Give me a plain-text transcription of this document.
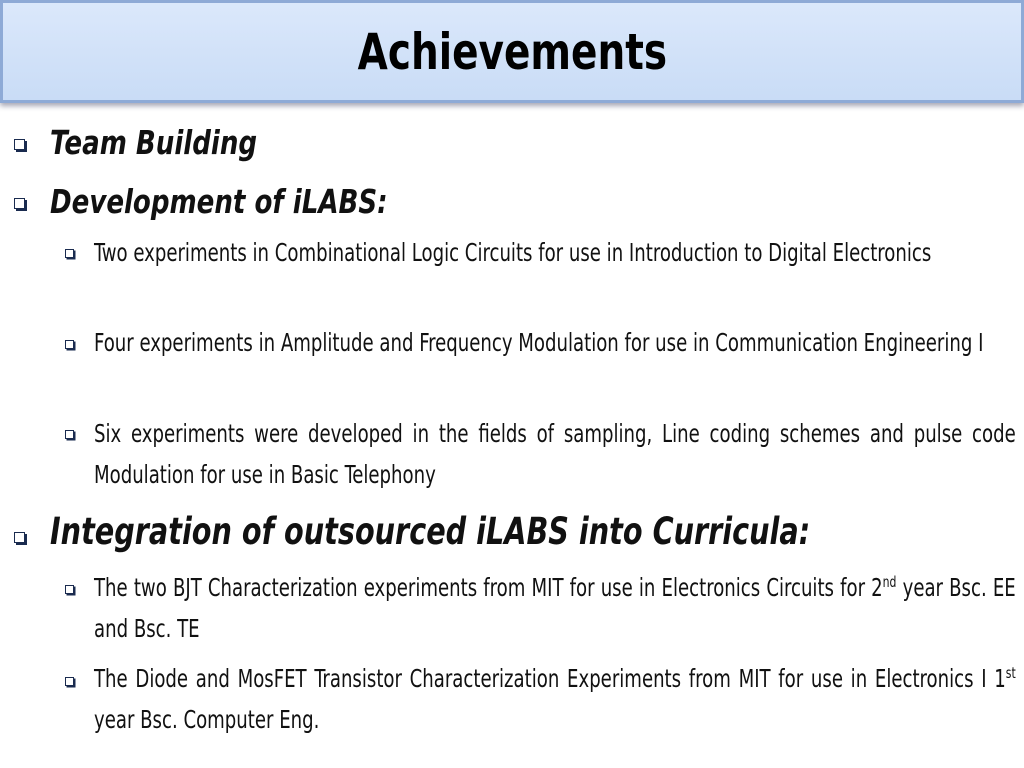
Achievements
Team Building
Development of iLABS:
Two experiments in Combinational Logic Circuits for use in Introduction to Digital Electronics
Four experiments in Amplitude and Frequency Modulation for use in Communication Engineering I
Six experiments were developed in the fields of sampling, Line coding schemes and pulse code Modulation for use in Basic Telephony
Integration of outsourced iLABS into Curricula:
The two BJT Characterization experiments from MIT for use in Electronics Circuits for 2nd year Bsc. EE and Bsc. TE
The Diode and MosFET Transistor Characterization Experiments from MIT for use in Electronics I 1st year Bsc. Computer Eng.
